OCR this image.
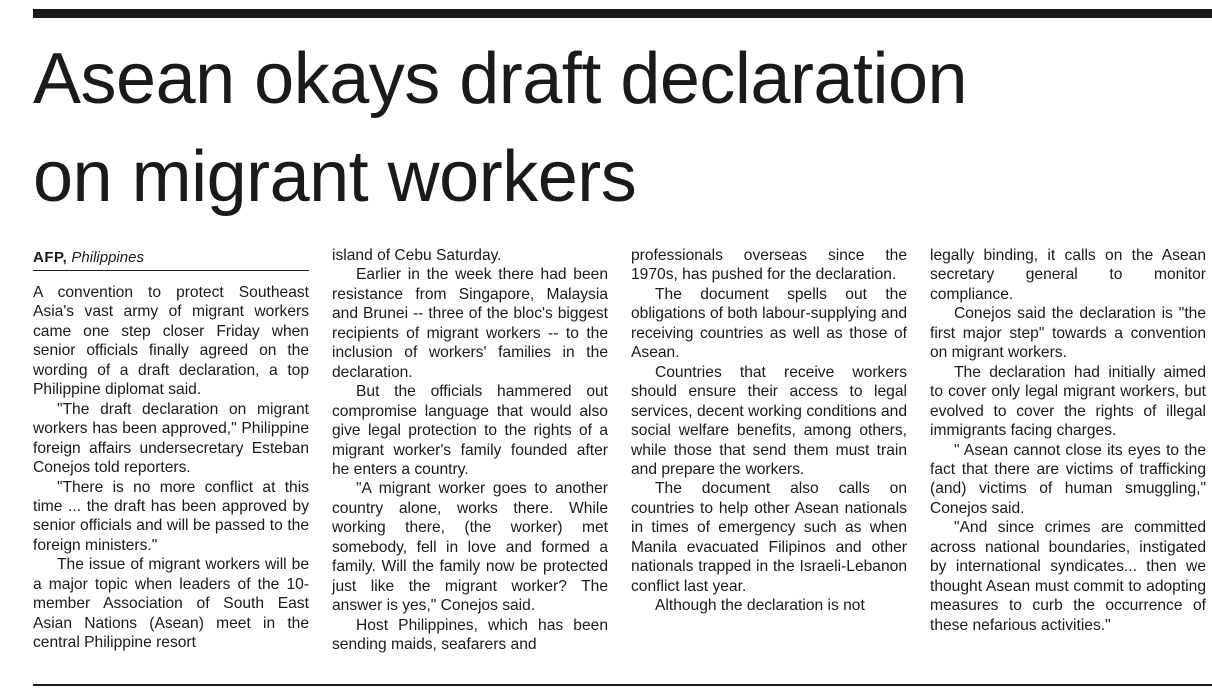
Asean okays draft declaration
on migrant workers
AFP, Philippines

A convention to protect Southeast Asia's vast army of migrant workers came one step closer Friday when senior officials finally agreed on the wording of a draft declaration, a top Philippine diplomat said.

"The draft declaration on migrant workers has been approved," Philippine foreign affairs undersecretary Esteban Conejos told reporters.

"There is no more conflict at this time ... the draft has been approved by senior officials and will be passed to the foreign ministers."

The issue of migrant workers will be a major topic when leaders of the 10-member Association of South East Asian Nations (Asean) meet in the central Philippine resort

island of Cebu Saturday.

Earlier in the week there had been resistance from Singapore, Malaysia and Brunei -- three of the bloc's biggest recipients of migrant workers -- to the inclusion of workers' families in the declaration.

But the officials hammered out compromise language that would also give legal protection to the rights of a migrant worker's family founded after he enters a country.

"A migrant worker goes to another country alone, works there. While working there, (the worker) met somebody, fell in love and formed a family. Will the family now be protected just like the migrant worker? The answer is yes," Conejos said.

Host Philippines, which has been sending maids, seafarers and

professionals overseas since the 1970s, has pushed for the declaration.

The document spells out the obligations of both labour-supplying and receiving countries as well as those of Asean.

Countries that receive workers should ensure their access to legal services, decent working conditions and social welfare benefits, among others, while those that send them must train and prepare the workers.

The document also calls on countries to help other Asean nationals in times of emergency such as when Manila evacuated Filipinos and other nationals trapped in the Israeli-Lebanon conflict last year.

Although the declaration is not

legally binding, it calls on the Asean secretary general to monitor compliance.

Conejos said the declaration is "the first major step" towards a convention on migrant workers.

The declaration had initially aimed to cover only legal migrant workers, but evolved to cover the rights of illegal immigrants facing charges.

" Asean cannot close its eyes to the fact that there are victims of trafficking (and) victims of human smuggling," Conejos said.

"And since crimes are committed across national boundaries, instigated by international syndicates... then we thought Asean must commit to adopting measures to curb the occurrence of these nefarious activities."
